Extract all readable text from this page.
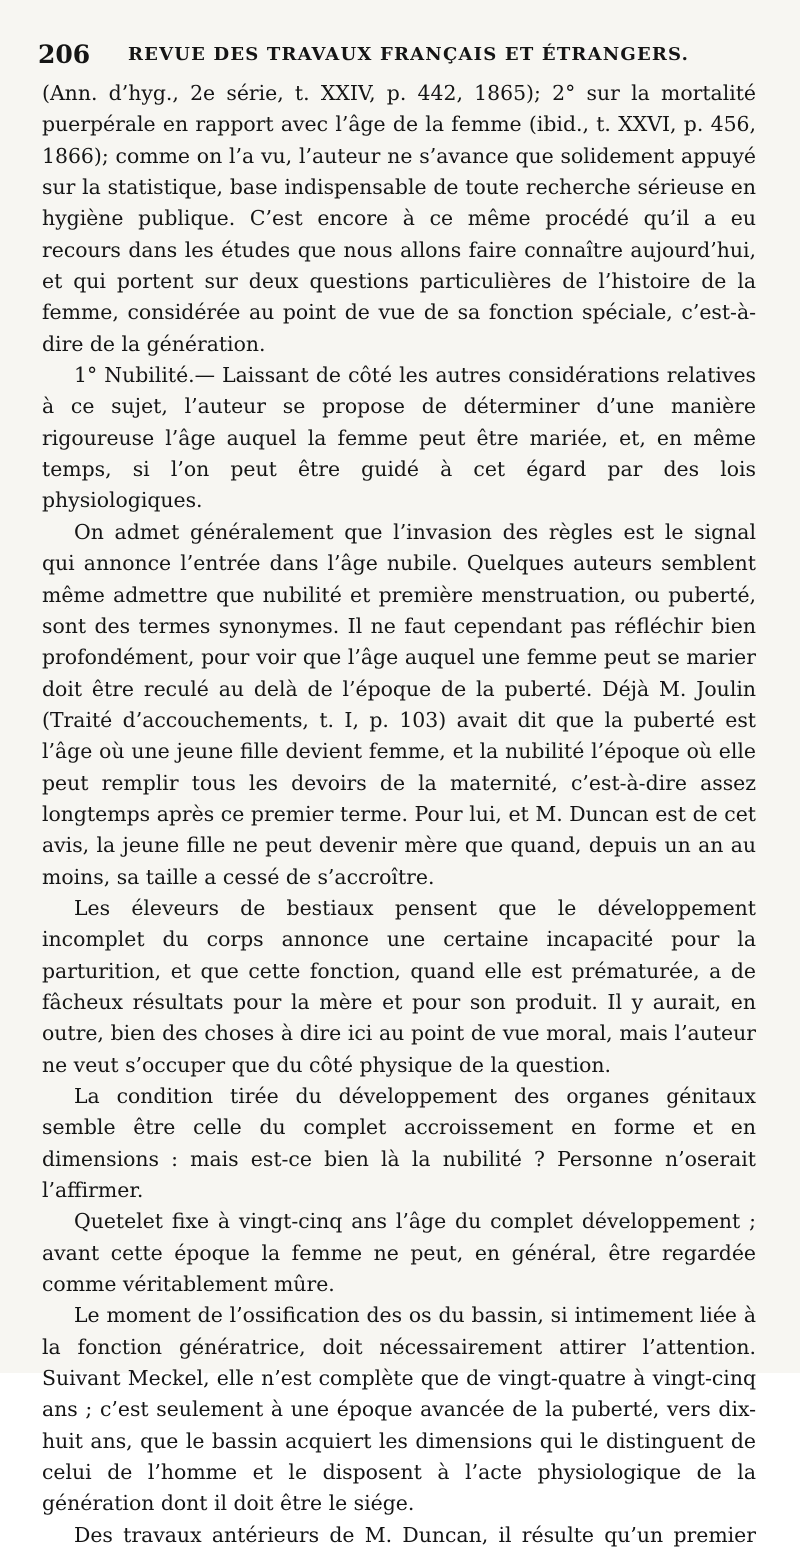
206 REVUE DES TRAVAUX FRANÇAIS ET ÉTRANGERS.

(Ann. d’hyg., 2e série, t. XXIV, p. 442, 1865); 2° sur la mortalité puerpérale en rapport avec l’âge de la femme (ibid., t. XXVI, p. 456, 1866); comme on l’a vu, l’auteur ne s’avance que solidement appuyé sur la statistique, base indispensable de toute recherche sérieuse en hygiène publique. C’est encore à ce même procédé qu’il a eu recours dans les études que nous allons faire connaître aujourd’hui, et qui portent sur deux questions particulières de l’histoire de la femme, considérée au point de vue de sa fonction spéciale, c’est-à-dire de la génération.

1° Nubilité.— Laissant de côté les autres considérations relatives à ce sujet, l’auteur se propose de déterminer d’une manière rigoureuse l’âge auquel la femme peut être mariée, et, en même temps, si l’on peut être guidé à cet égard par des lois physiologiques.

On admet généralement que l’invasion des règles est le signal qui annonce l’entrée dans l’âge nubile. Quelques auteurs semblent même admettre que nubilité et première menstruation, ou puberté, sont des termes synonymes. Il ne faut cependant pas réfléchir bien profondément, pour voir que l’âge auquel une femme peut se marier doit être reculé au delà de l’époque de la puberté. Déjà M. Joulin (Traité d’accouchements, t. I, p. 103) avait dit que la puberté est l’âge où une jeune fille devient femme, et la nubilité l’époque où elle peut remplir tous les devoirs de la maternité, c’est-à-dire assez longtemps après ce premier terme. Pour lui, et M. Duncan est de cet avis, la jeune fille ne peut devenir mère que quand, depuis un an au moins, sa taille a cessé de s’accroître.

Les éleveurs de bestiaux pensent que le développement incomplet du corps annonce une certaine incapacité pour la parturition, et que cette fonction, quand elle est prématurée, a de fâcheux résultats pour la mère et pour son produit. Il y aurait, en outre, bien des choses à dire ici au point de vue moral, mais l’auteur ne veut s’occuper que du côté physique de la question.

La condition tirée du développement des organes génitaux semble être celle du complet accroissement en forme et en dimensions : mais est-ce bien là la nubilité ? Personne n’oserait l’affirmer.

Quetelet fixe à vingt-cinq ans l’âge du complet développement ; avant cette époque la femme ne peut, en général, être regardée comme véritablement mûre.

Le moment de l’ossification des os du bassin, si intimement liée à la fonction génératrice, doit nécessairement attirer l’attention. Suivant Meckel, elle n’est complète que de vingt-quatre à vingt-cinq ans ; c’est seulement à une époque avancée de la puberté, vers dix-huit ans, que le bassin acquiert les dimensions qui le distinguent de celui de l’homme et le disposent à l’acte physiologique de la génération dont il doit être le siége.

Des travaux antérieurs de M. Duncan, il résulte qu’un premier
